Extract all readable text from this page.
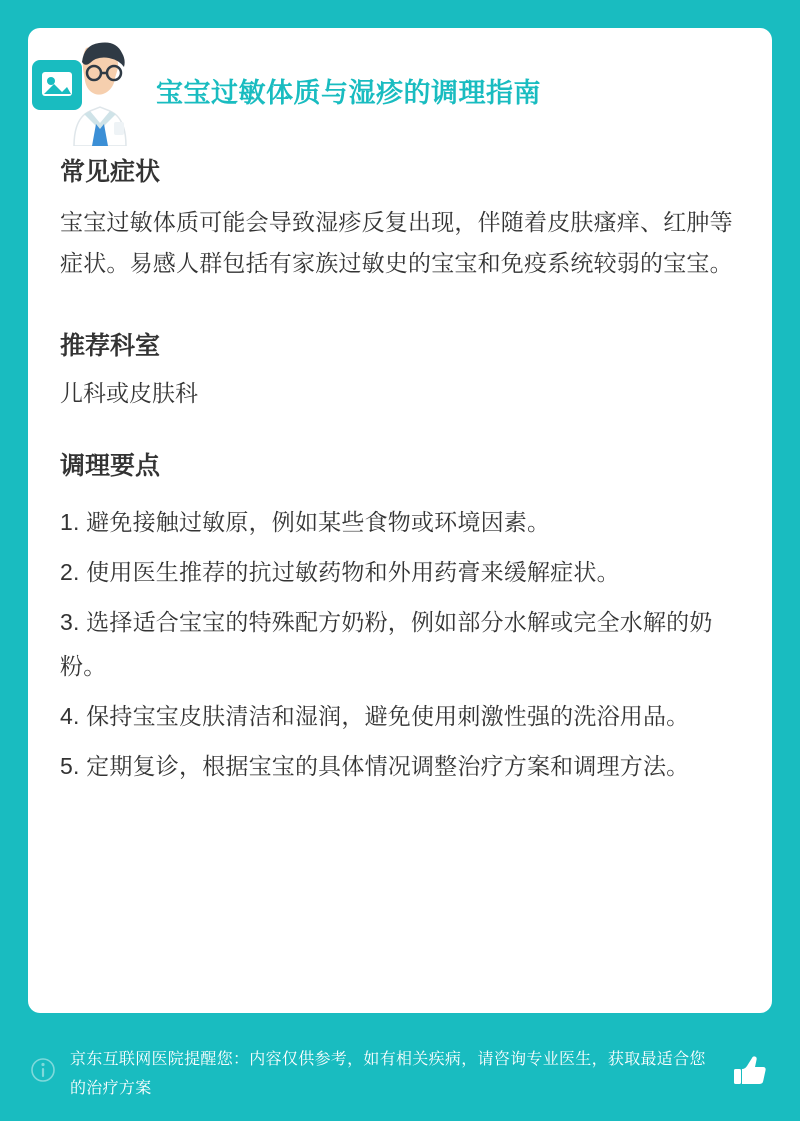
宝宝过敏体质与湿疹的调理指南
常见症状

宝宝过敏体质可能会导致湿疹反复出现，伴随着皮肤瘙痒、红肿等症状。易感人群包括有家族过敏史的宝宝和免疫系统较弱的宝宝。

推荐科室

儿科或皮肤科

调理要点
1. 避免接触过敏原，例如某些食物或环境因素。
2. 使用医生推荐的抗过敏药物和外用药膏来缓解症状。
3. 选择适合宝宝的特殊配方奶粉，例如部分水解或完全水解的奶粉。
4. 保持宝宝皮肤清洁和湿润，避免使用刺激性强的洗浴用品。
5. 定期复诊，根据宝宝的具体情况调整治疗方案和调理方法。
京东互联网医院提醒您：内容仅供参考，如有相关疾病，请咨询专业医生，获取最适合您的治疗方案
